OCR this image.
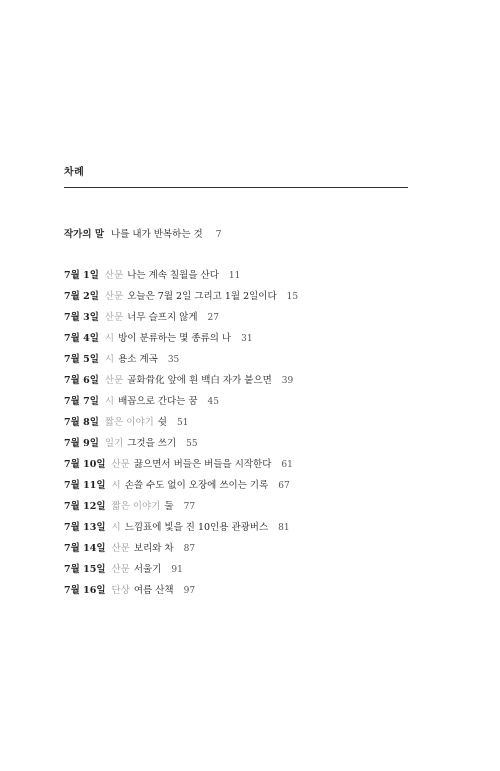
차례
작가의 말 나를 내가 반복하는 것 7
7월 1일 산문 나는 계속 칠월을 산다 11
7월 2일 산문 오늘은 7월 2일 그리고 1월 2일이다 15
7월 3일 산문 너무 슬프지 않게 27
7월 4일 시 방이 분류하는 몇 종류의 나 31
7월 5일 시 용소 계곡 35
7월 6일 산문 골화骨化 앞에 흰 백白 자가 붙으면 39
7월 7일 시 배꼽으로 간다는 꿈 45
7월 8일 짧은 이야기 쉿 51
7월 9일 일기 그것을 쓰기 55
7월 10일 산문 끓으면서 버들은 버들을 시작한다 61
7월 11일 시 손쓸 수도 없이 오장에 쓰이는 기록 67
7월 12일 짧은 이야기 둘 77
7월 13일 시 느낌표에 빛을 진 10인용 관광버스 81
7월 14일 산문 보리와 차 87
7월 15일 산문 서울기 91
7월 16일 단상 여름 산책 97
